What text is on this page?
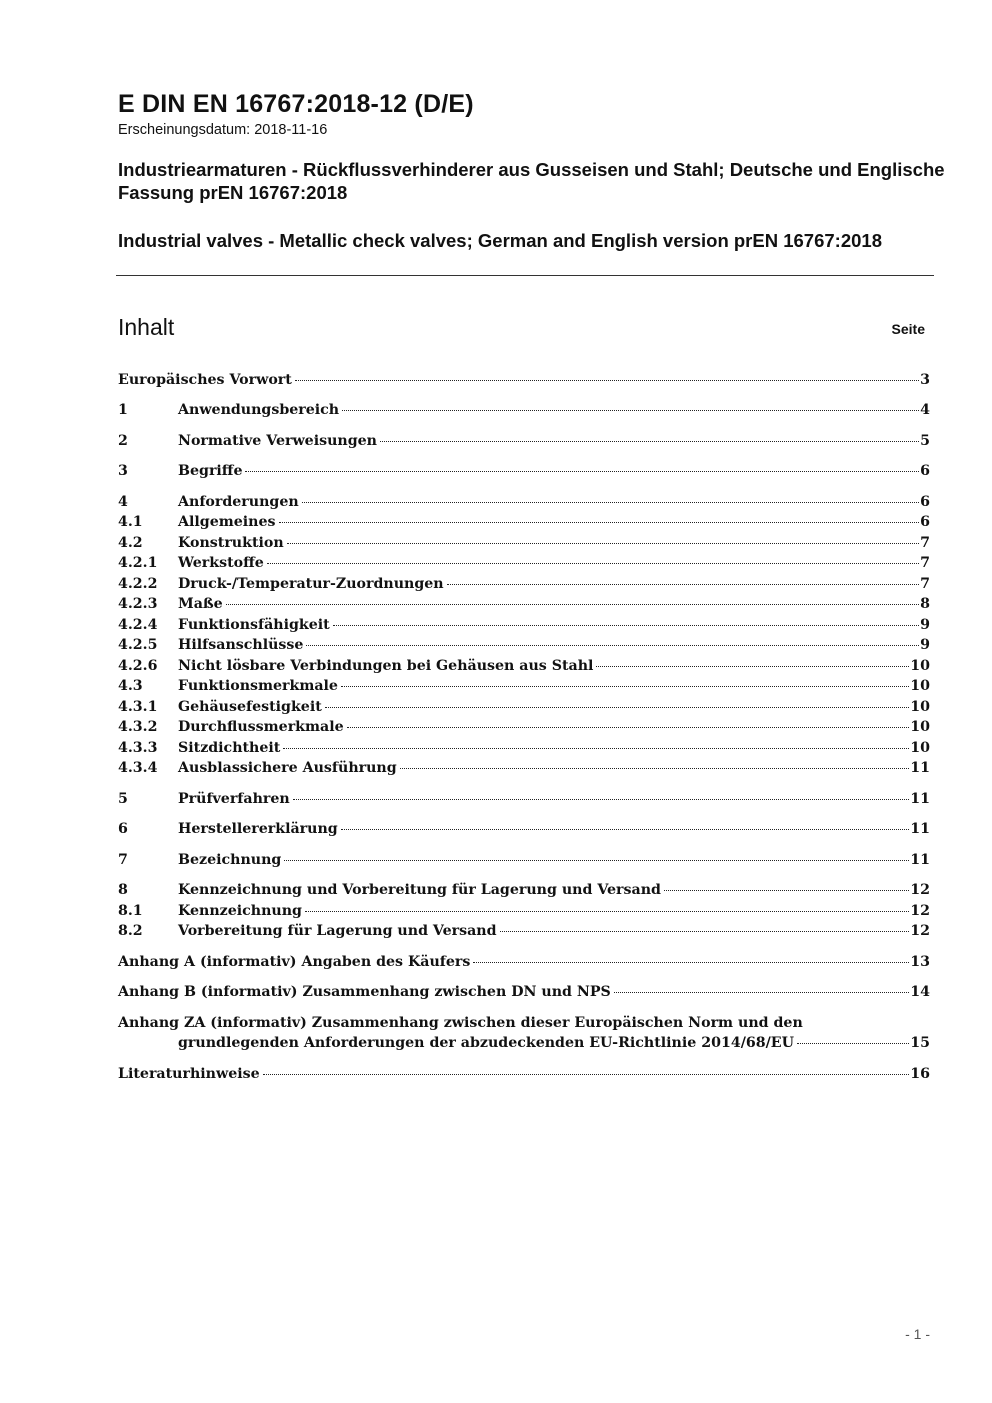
E DIN EN 16767:2018-12 (D/E)
Erscheinungsdatum: 2018-11-16
Industriearmaturen - Rückflussverhinderer aus Gusseisen und Stahl; Deutsche und Englische Fassung prEN 16767:2018
Industrial valves - Metallic check valves; German and English version prEN 16767:2018
Inhalt	Seite
Europäisches Vorwort	3
1	Anwendungsbereich	4
2	Normative Verweisungen	5
3	Begriffe	6
4	Anforderungen	6
4.1	Allgemeines	6
4.2	Konstruktion	7
4.2.1	Werkstoffe	7
4.2.2	Druck-/Temperatur-Zuordnungen	7
4.2.3	Maße	8
4.2.4	Funktionsfähigkeit	9
4.2.5	Hilfsanschlüsse	9
4.2.6	Nicht lösbare Verbindungen bei Gehäusen aus Stahl	10
4.3	Funktionsmerkmale	10
4.3.1	Gehäusefestigkeit	10
4.3.2	Durchflussmerkmale	10
4.3.3	Sitzdichtheit	10
4.3.4	Ausblassichere Ausführung	11
5	Prüfverfahren	11
6	Herstellererklärung	11
7	Bezeichnung	11
8	Kennzeichnung und Vorbereitung für Lagerung und Versand	12
8.1	Kennzeichnung	12
8.2	Vorbereitung für Lagerung und Versand	12
Anhang A (informativ) Angaben des Käufers	13
Anhang B (informativ) Zusammenhang zwischen DN und NPS	14
Anhang ZA (informativ) Zusammenhang zwischen dieser Europäischen Norm und den
grundlegenden Anforderungen der abzudeckenden EU-Richtlinie 2014/68/EU	15
Literaturhinweise	16
- 1 -
